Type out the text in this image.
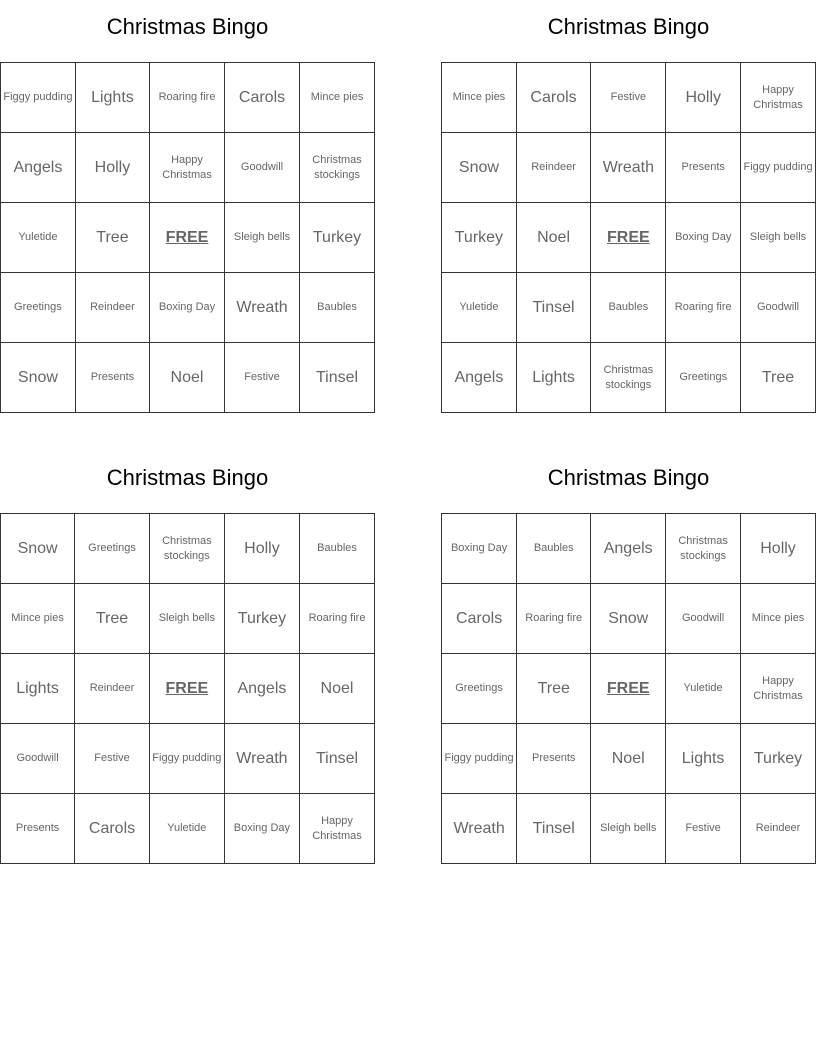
Christmas Bingo
Figgy pudding	Lights	Roaring fire	Carols	Mince pies
Angels	Holly	Happy Christmas	Goodwill	Christmas stockings
Yuletide	Tree	FREE	Sleigh bells	Turkey
Greetings	Reindeer	Boxing Day	Wreath	Baubles
Snow	Presents	Noel	Festive	Tinsel
Christmas Bingo
Mince pies	Carols	Festive	Holly	Happy Christmas
Snow	Reindeer	Wreath	Presents	Figgy pudding
Turkey	Noel	FREE	Boxing Day	Sleigh bells
Yuletide	Tinsel	Baubles	Roaring fire	Goodwill
Angels	Lights	Christmas stockings	Greetings	Tree
Christmas Bingo
Snow	Greetings	Christmas stockings	Holly	Baubles
Mince pies	Tree	Sleigh bells	Turkey	Roaring fire
Lights	Reindeer	FREE	Angels	Noel
Goodwill	Festive	Figgy pudding	Wreath	Tinsel
Presents	Carols	Yuletide	Boxing Day	Happy Christmas
Christmas Bingo
Boxing Day	Baubles	Angels	Christmas stockings	Holly
Carols	Roaring fire	Snow	Goodwill	Mince pies
Greetings	Tree	FREE	Yuletide	Happy Christmas
Figgy pudding	Presents	Noel	Lights	Turkey
Wreath	Tinsel	Sleigh bells	Festive	Reindeer
